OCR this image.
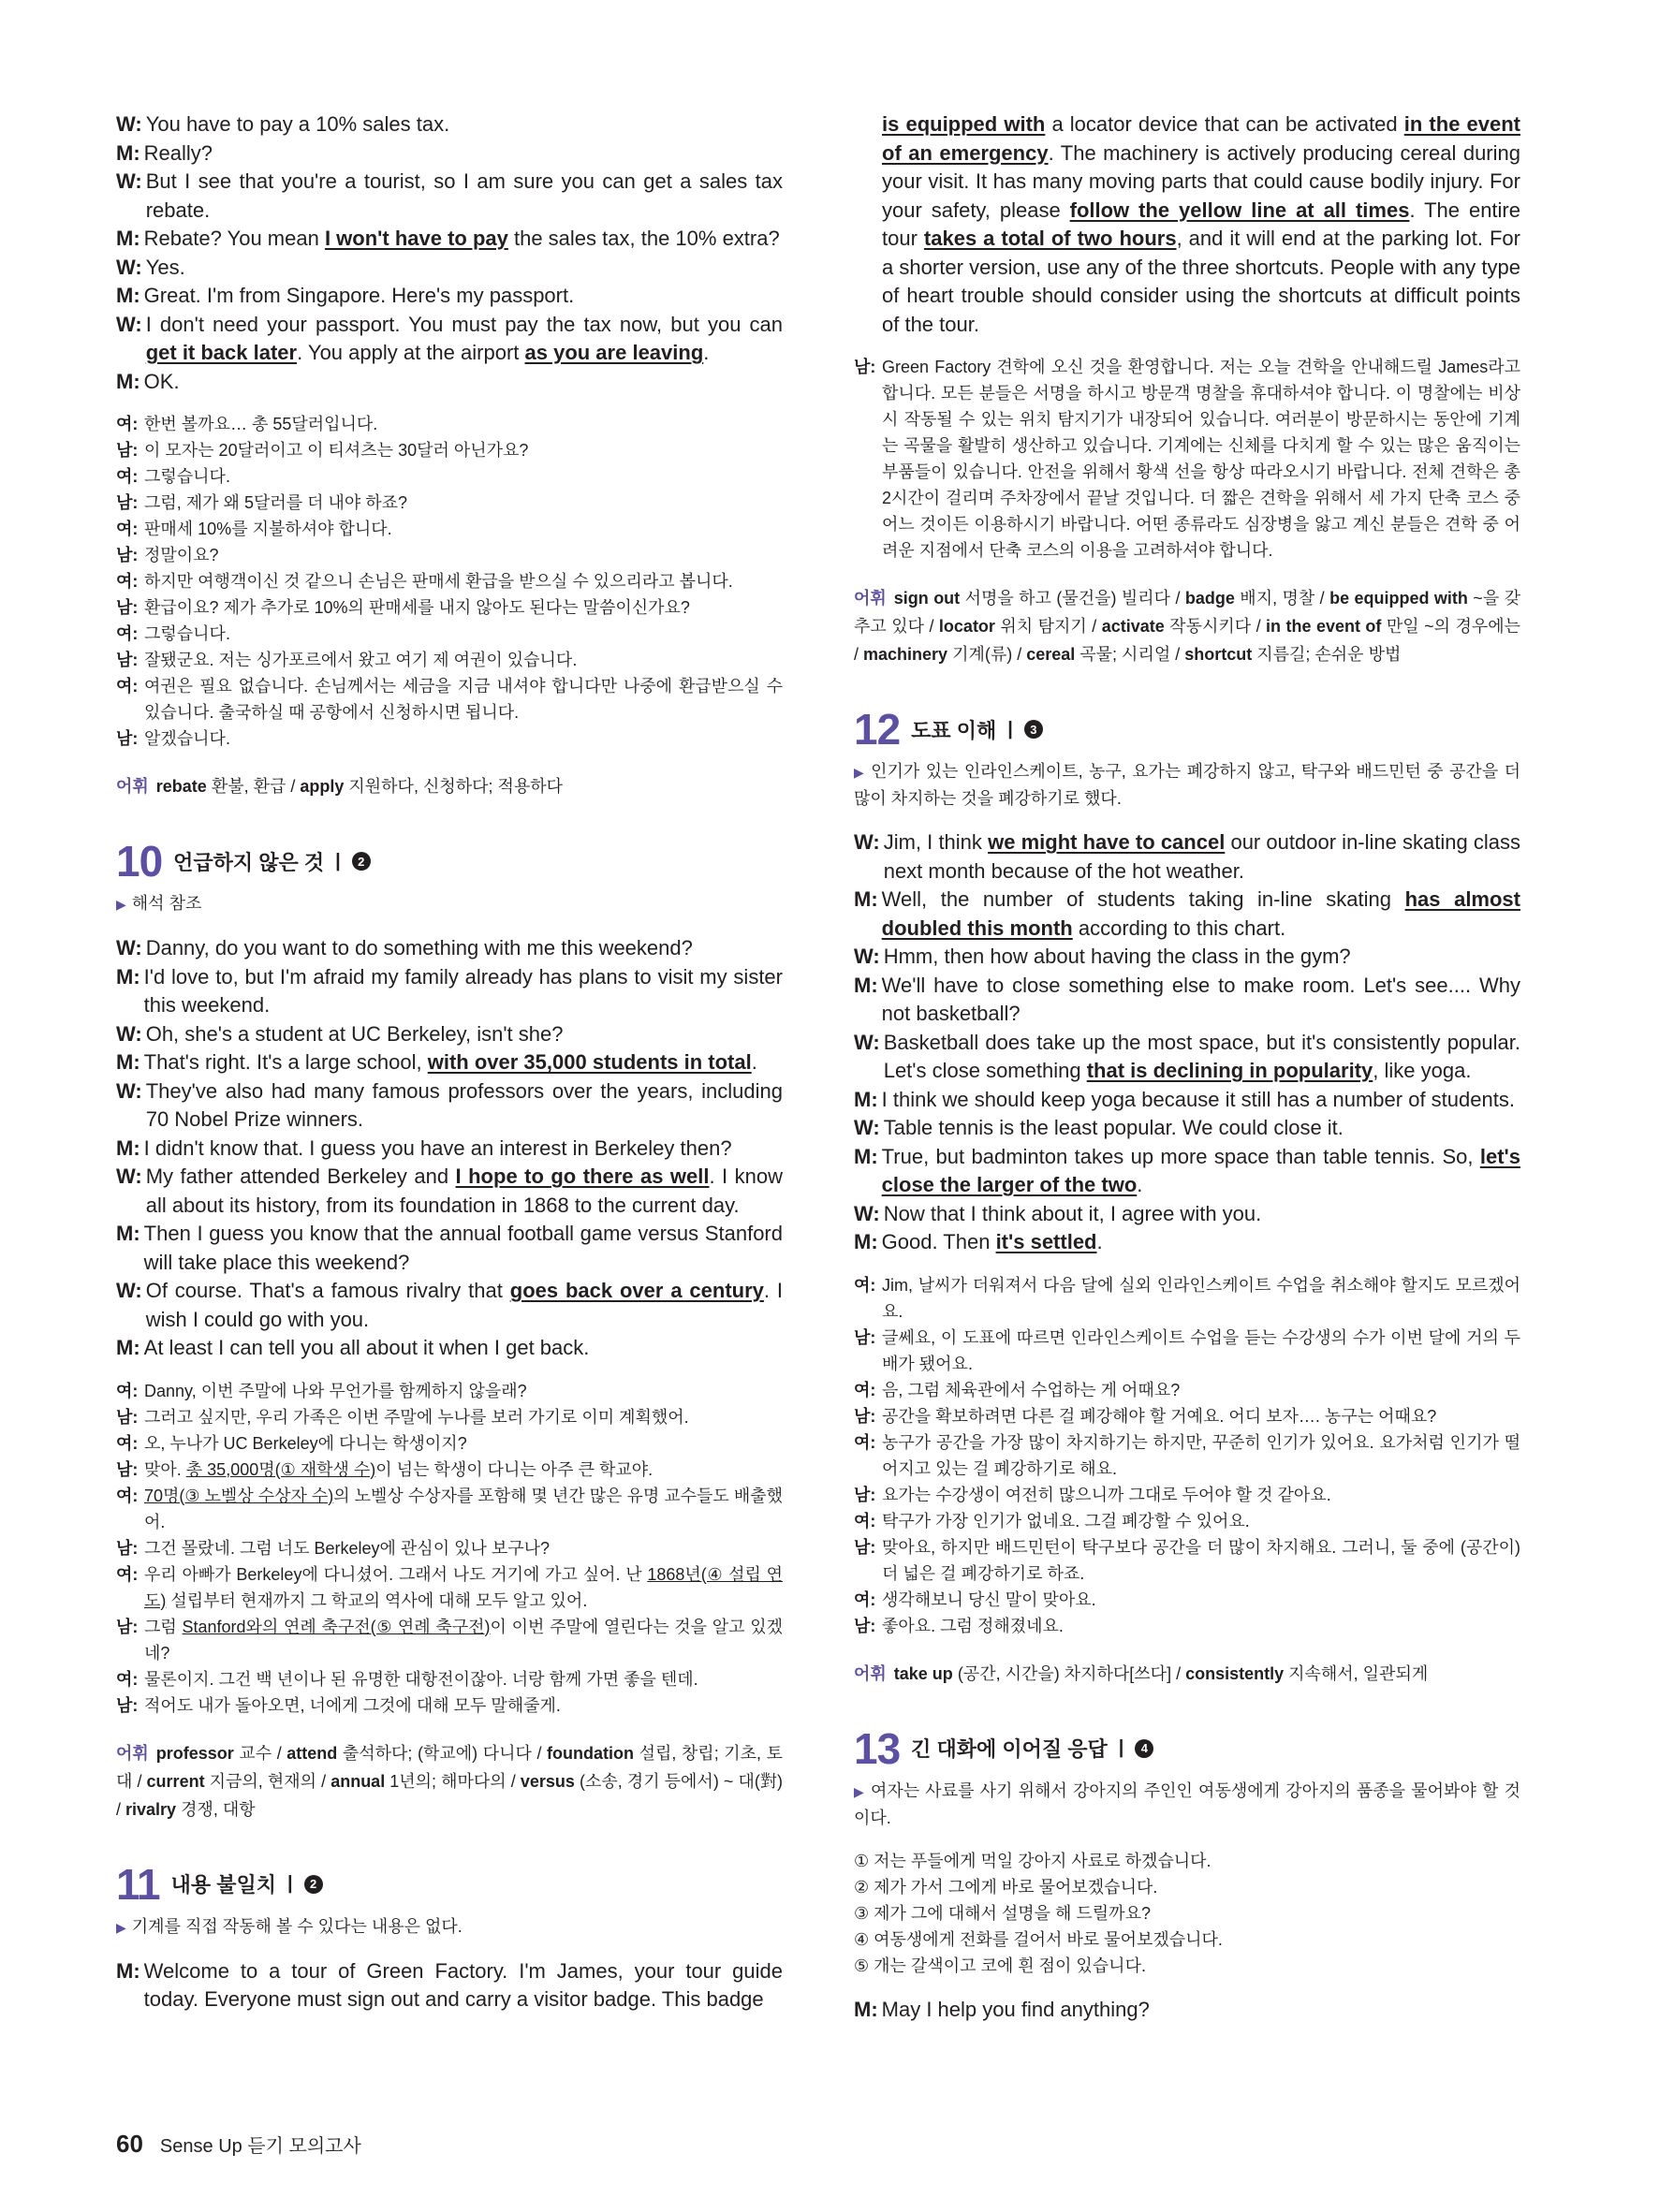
W: You have to pay a 10% sales tax.
M: Really?
W: But I see that you're a tourist, so I am sure you can get a sales tax rebate.
M: Rebate? You mean I won't have to pay the sales tax, the 10% extra?
W: Yes.
M: Great. I'm from Singapore. Here's my passport.
W: I don't need your passport. You must pay the tax now, but you can get it back later. You apply at the airport as you are leaving.
M: OK.
여: 한번 볼까요… 총 55달러입니다.
남: 이 모자는 20달러이고 이 티셔츠는 30달러 아닌가요?
여: 그렇습니다.
남: 그럼, 제가 왜 5달러를 더 내야 하죠?
여: 판매세 10%를 지불하셔야 합니다.
남: 정말이요?
여: 하지만 여행객이신 것 같으니 손님은 판매세 환급을 받으실 수 있으리라고 봅니다.
남: 환급이요? 제가 추가로 10%의 판매세를 내지 않아도 된다는 말씀이신가요?
여: 그렇습니다.
남: 잘됐군요. 저는 싱가포르에서 왔고 여기 제 여권이 있습니다.
여: 여권은 필요 없습니다. 손님께서는 세금을 지금 내셔야 합니다만 나중에 환급받으실 수 있습니다. 출국하실 때 공항에서 신청하시면 됩니다.
남: 알겠습니다.
어휘 rebate 환불, 환급 / apply 지원하다, 신청하다; 적용하다
10 언급하지 않은 것 |	2
▶ 해석 참조
W: Danny, do you want to do something with me this weekend?
M: I'd love to, but I'm afraid my family already has plans to visit my sister this weekend.
W: Oh, she's a student at UC Berkeley, isn't she?
M: That's right. It's a large school, with over 35,000 students in total.
W: They've also had many famous professors over the years, including 70 Nobel Prize winners.
M: I didn't know that. I guess you have an interest in Berkeley then?
W: My father attended Berkeley and I hope to go there as well. I know all about its history, from its foundation in 1868 to the current day.
M: Then I guess you know that the annual football game versus Stanford will take place this weekend?
W: Of course. That's a famous rivalry that goes back over a century. I wish I could go with you.
M: At least I can tell you all about it when I get back.
여: Danny, 이번 주말에 나와 무언가를 함께하지 않을래?
남: 그러고 싶지만, 우리 가족은 이번 주말에 누나를 보러 가기로 이미 계획했어.
여: 오, 누나가 UC Berkeley에 다니는 학생이지?
남: 맞아. 총 35,000명(① 재학생 수)이 넘는 학생이 다니는 아주 큰 학교야.
여: 70명(③ 노벨상 수상자 수)의 노벨상 수상자를 포함해 몇 년간 많은 유명 교수들도 배출했어.
남: 그건 몰랐네. 그럼 너도 Berkeley에 관심이 있나 보구나?
여: 우리 아빠가 Berkeley에 다니셨어. 그래서 나도 거기에 가고 싶어. 난 1868년(④ 설립 연도) 설립부터 현재까지 그 학교의 역사에 대해 모두 알고 있어.
남: 그럼 Stanford와의 연례 축구전(⑤ 연례 축구전)이 이번 주말에 열린다는 것을 알고 있겠네?
여: 물론이지. 그건 백 년이나 된 유명한 대항전이잖아. 너랑 함께 가면 좋을 텐데.
남: 적어도 내가 돌아오면, 너에게 그것에 대해 모두 말해줄게.
어휘 professor 교수 / attend 출석하다; (학교에) 다니다 / foundation 설립, 창립; 기초, 토대 / current 지금의, 현재의 / annual 1년의; 해마다의 / versus (소송, 경기 등에서) ~ 대(對) / rivalry 경쟁, 대항
11 내용 불일치 |	2
▶ 기계를 직접 작동해 볼 수 있다는 내용은 없다.
M: Welcome to a tour of Green Factory. I'm James, your tour guide today. Everyone must sign out and carry a visitor badge. This badge
is equipped with a locator device that can be activated in the event of an emergency. The machinery is actively producing cereal during your visit. It has many moving parts that could cause bodily injury. For your safety, please follow the yellow line at all times. The entire tour takes a total of two hours, and it will end at the parking lot. For a shorter version, use any of the three shortcuts. People with any type of heart trouble should consider using the shortcuts at difficult points of the tour.
남: Green Factory 견학에 오신 것을 환영합니다. 저는 오늘 견학을 안내해드릴 James라고 합니다. 모든 분들은 서명을 하시고 방문객 명찰을 휴대하셔야 합니다. 이 명찰에는 비상 시 작동될 수 있는 위치 탐지기가 내장되어 있습니다. 여러분이 방문하시는 동안에 기계는 곡물을 활발히 생산하고 있습니다. 기계에는 신체를 다치게 할 수 있는 많은 움직이는 부품들이 있습니다. 안전을 위해서 황색 선을 항상 따라오시기 바랍니다. 전체 견학은 총 2시간이 걸리며 주차장에서 끝날 것입니다. 더 짧은 견학을 위해서 세 가지 단축 코스 중 어느 것이든 이용하시기 바랍니다. 어떤 종류라도 심장병을 앓고 계신 분들은 견학 중 어려운 지점에서 단축 코스의 이용을 고려하셔야 합니다.
어휘 sign out 서명을 하고 (물건을) 빌리다 / badge 배지, 명찰 / be equipped with ~을 갖추고 있다 / locator 위치 탐지기 / activate 작동시키다 / in the event of 만일 ~의 경우에는 / machinery 기계(류) / cereal 곡물; 시리얼 / shortcut 지름길; 손쉬운 방법
12 도표 이해 |	3
▶ 인기가 있는 인라인스케이트, 농구, 요가는 폐강하지 않고, 탁구와 배드민턴 중 공간을 더 많이 차지하는 것을 폐강하기로 했다.
W: Jim, I think we might have to cancel our outdoor in-line skating class next month because of the hot weather.
M: Well, the number of students taking in-line skating has almost doubled this month according to this chart.
W: Hmm, then how about having the class in the gym?
M: We'll have to close something else to make room. Let's see.... Why not basketball?
W: Basketball does take up the most space, but it's consistently popular. Let's close something that is declining in popularity, like yoga.
M: I think we should keep yoga because it still has a number of students.
W: Table tennis is the least popular. We could close it.
M: True, but badminton takes up more space than table tennis. So, let's close the larger of the two.
W: Now that I think about it, I agree with you.
M: Good. Then it's settled.
여: Jim, 날씨가 더워져서 다음 달에 실외 인라인스케이트 수업을 취소해야 할지도 모르겠어요.
남: 글쎄요, 이 도표에 따르면 인라인스케이트 수업을 듣는 수강생의 수가 이번 달에 거의 두 배가 됐어요.
여: 음, 그럼 체육관에서 수업하는 게 어때요?
남: 공간을 확보하려면 다른 걸 폐강해야 할 거예요. 어디 보자…. 농구는 어때요?
여: 농구가 공간을 가장 많이 차지하기는 하지만, 꾸준히 인기가 있어요. 요가처럼 인기가 떨어지고 있는 걸 폐강하기로 해요.
남: 요가는 수강생이 여전히 많으니까 그대로 두어야 할 것 같아요.
여: 탁구가 가장 인기가 없네요. 그걸 폐강할 수 있어요.
남: 맞아요, 하지만 배드민턴이 탁구보다 공간을 더 많이 차지해요. 그러니, 둘 중에 (공간이) 더 넓은 걸 폐강하기로 하죠.
여: 생각해보니 당신 말이 맞아요.
남: 좋아요. 그럼 정해졌네요.
어휘 take up (공간, 시간을) 차지하다[쓰다] / consistently 지속해서, 일관되게
13 긴 대화에 이어질 응답 |	4
▶ 여자는 사료를 사기 위해서 강아지의 주인인 여동생에게 강아지의 품종을 물어봐야 할 것이다.
① 저는 푸들에게 먹일 강아지 사료로 하겠습니다.
② 제가 가서 그에게 바로 물어보겠습니다.
③ 제가 그에 대해서 설명을 해 드릴까요?
④ 여동생에게 전화를 걸어서 바로 물어보겠습니다.
⑤ 개는 갈색이고 코에 흰 점이 있습니다.
M: May I help you find anything?
60 Sense Up 듣기 모의고사
